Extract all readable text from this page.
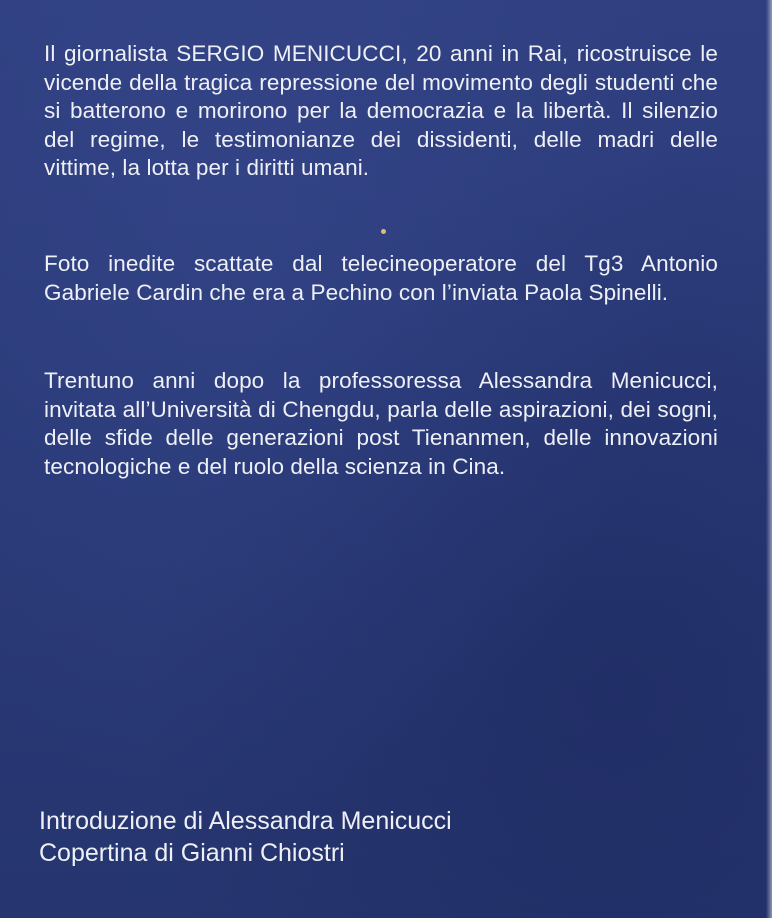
Il giornalista SERGIO MENICUCCI, 20 anni in Rai, ricostruisce le vicende della tragica repressione del movimento degli studenti che si batterono e morirono per la democrazia e la libertà. Il silenzio del regime, le testimonianze dei dissidenti, delle madri delle vittime, la lotta per i diritti umani.

Foto inedite scattate dal telecineoperatore del Tg3 Antonio Gabriele Cardin che era a Pechino con l’inviata Paola Spinelli.

Trentuno anni dopo la professoressa Alessandra Menicucci, invitata all’Università di Chengdu, parla delle aspirazioni, dei sogni, delle sfide delle generazioni post Tienanmen, delle innovazioni tecnologiche e del ruolo della scienza in Cina.

Introduzione di Alessandra Menicucci

Copertina di Gianni Chiostri
